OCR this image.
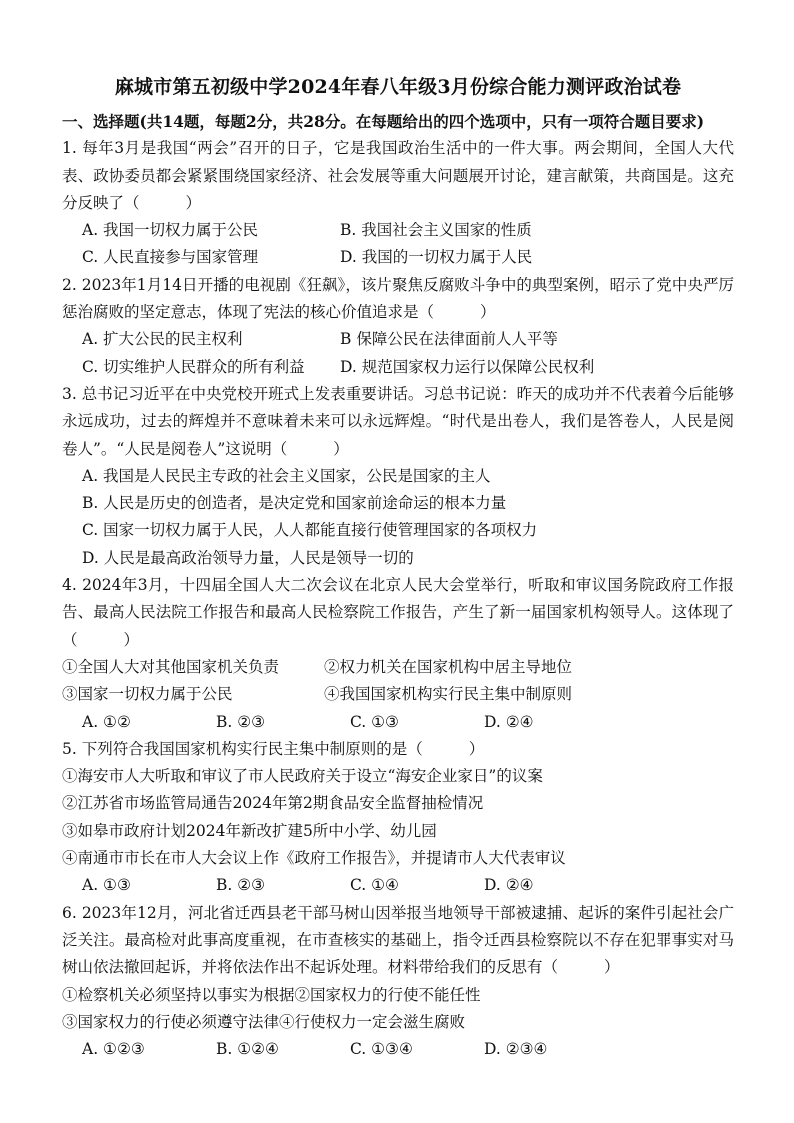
麻城市第五初级中学2024年春八年级3月份综合能力测评政治试卷

一、选择题(共14题，每题2分，共28分。在每题给出的四个选项中，只有一项符合题目要求)

1. 每年3月是我国“两会”召开的日子，它是我国政治生活中的一件大事。两会期间，全国人大代表、政协委员都会紧紧围绕国家经济、社会发展等重大问题展开讨论，建言献策，共商国是。这充分反映了（	）

A. 我国一切权力属于公民	B. 我国社会主义国家的性质
C. 人民直接参与国家管理	D. 我国的一切权力属于人民

2. 2023年1月14日开播的电视剧《狂飙》，该片聚焦反腐败斗争中的典型案例，昭示了党中央严厉惩治腐败的坚定意志，体现了宪法的核心价值追求是（	）

A. 扩大公民的民主权利	B 保障公民在法律面前人人平等
C. 切实维护人民群众的所有利益	D. 规范国家权力运行以保障公民权利

3. 总书记习近平在中央党校开班式上发表重要讲话。习总书记说：昨天的成功并不代表着今后能够永远成功，过去的辉煌并不意味着未来可以永远辉煌。“时代是出卷人，我们是答卷人，人民是阅卷人”。“人民是阅卷人”这说明（	）

A. 我国是人民民主专政的社会主义国家，公民是国家的主人

B. 人民是历史的创造者，是决定党和国家前途命运的根本力量

C. 国家一切权力属于人民，人人都能直接行使管理国家的各项权力

D. 人民是最高政治领导力量，人民是领导一切的

4. 2024年3月，十四届全国人大二次会议在北京人民大会堂举行，听取和审议国务院政府工作报告、最高人民法院工作报告和最高人民检察院工作报告，产生了新一届国家机构领导人。这体现了（	）

①全国人大对其他国家机关负责	②权力机关在国家机构中居主导地位
③国家一切权力属于公民	④我国国家机构实行民主集中制原则
A. ①②	B. ②③	C. ①③	D. ②④

5. 下列符合我国国家机构实行民主集中制原则的是（	）

①海安市人大听取和审议了市人民政府关于设立“海安企业家日”的议案

②江苏省市场监管局通告2024年第2期食品安全监督抽检情况

③如皋市政府计划2024年新改扩建5所中小学、幼儿园

④南通市市长在市人大会议上作《政府工作报告》，并提请市人大代表审议

A. ①③	B. ②③	C. ①④	D. ②④

6. 2023年12月，河北省迁西县老干部马树山因举报当地领导干部被逮捕、起诉的案件引起社会广泛关注。最高检对此事高度重视，在市查核实的基础上，指令迁西县检察院以不存在犯罪事实对马树山依法撤回起诉，并将依法作出不起诉处理。材料带给我们的反思有（	）

①检察机关必须坚持以事实为根据②国家权力的行使不能任性

③国家权力的行使必须遵守法律④行使权力一定会滋生腐败

A. ①②③	B. ①②④	C. ①③④	D. ②③④
